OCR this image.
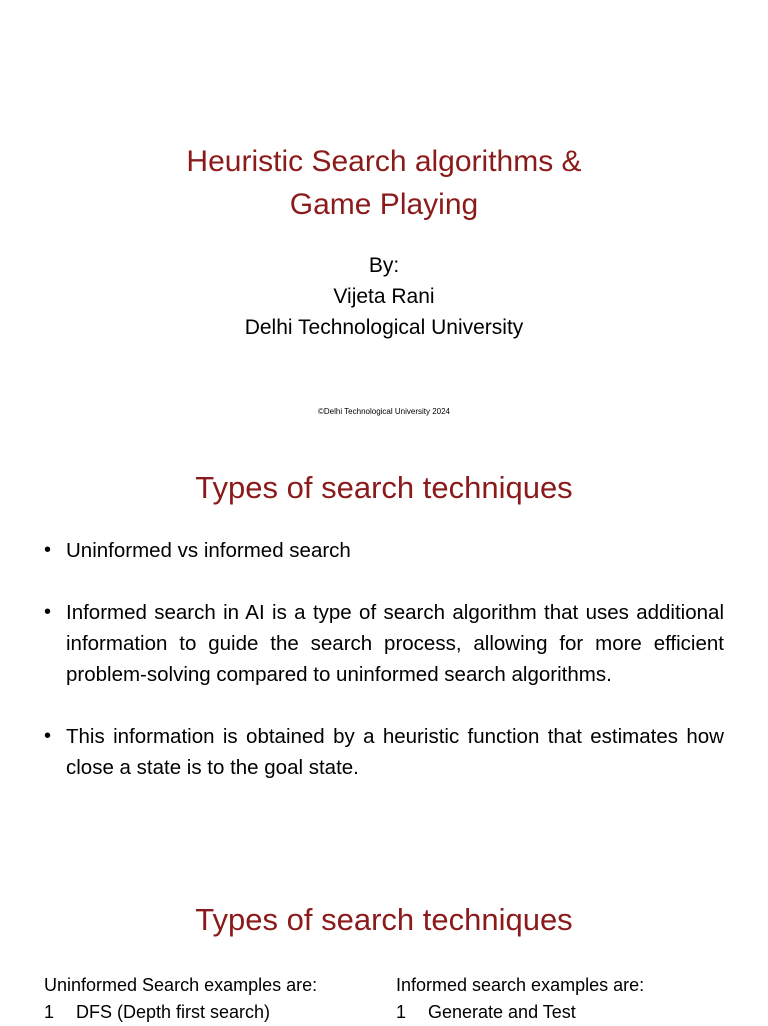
Heuristic Search algorithms &
Game Playing
By:
Vijeta Rani
Delhi Technological University
©Delhi Technological University 2024
Types of search techniques
• Uninformed vs informed search
• Informed search in AI is a type of search algorithm that uses additional information to guide the search process, allowing for more efficient problem-solving compared to uninformed search algorithms.
• This information is obtained by a heuristic function that estimates how close a state is to the goal state.
Types of search techniques
Uninformed Search examples are:
1	DFS (Depth first search)
Informed search examples are:
1	Generate and Test
